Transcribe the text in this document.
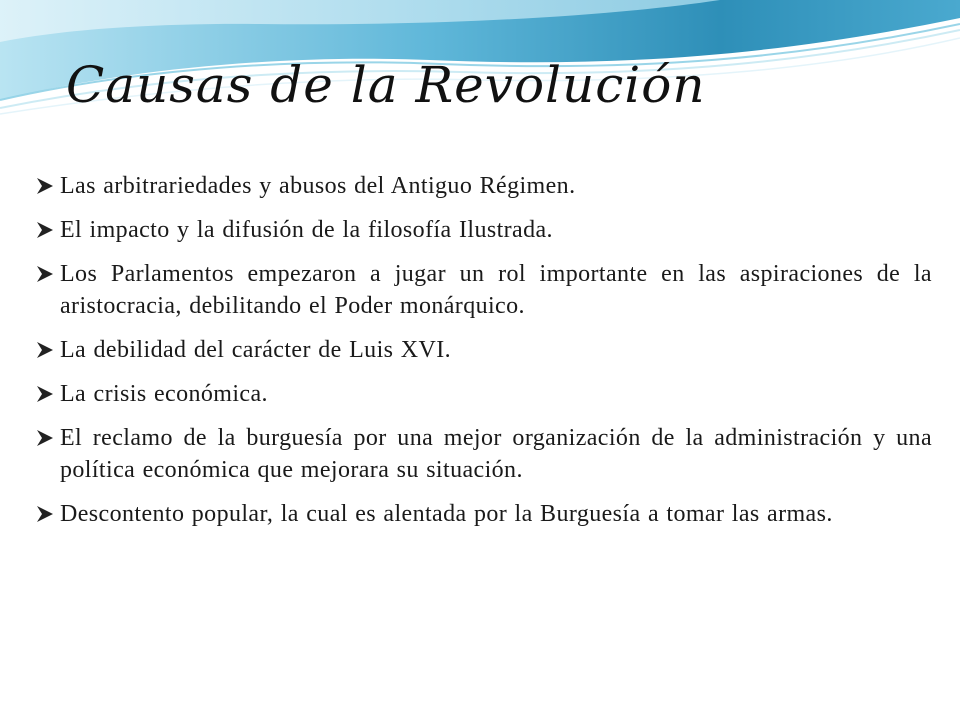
Causas de la Revolución
Las arbitrariedades y abusos del Antiguo Régimen.
El impacto y la difusión de la filosofía Ilustrada.
Los Parlamentos empezaron a jugar un rol importante en las aspiraciones de la aristocracia, debilitando el Poder monárquico.
La debilidad del carácter de Luis XVI.
La crisis económica.
El reclamo de la burguesía por una mejor organización de la administración y una política económica que mejorara su situación.
Descontento popular, la cual es alentada por la Burguesía a tomar las armas.
